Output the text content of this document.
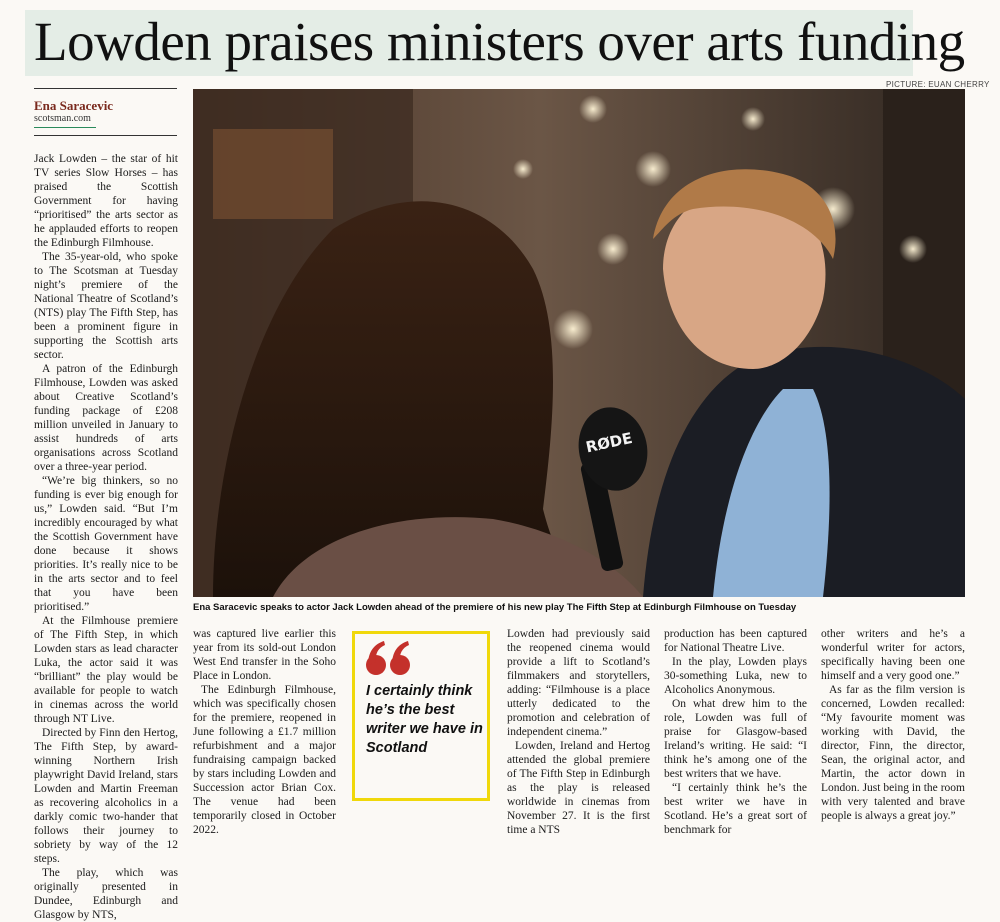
Lowden praises ministers over arts funding
PICTURE: EUAN CHERRY
Ena Saracevic
scotsman.com

Jack Lowden – the star of hit TV series Slow Horses – has praised the Scottish Government for having “prioritised” the arts sector as he applauded efforts to reopen the Edinburgh Filmhouse.

The 35-year-old, who spoke to The Scotsman at Tuesday night’s premiere of the National Theatre of Scotland’s (NTS) play The Fifth Step, has been a prominent figure in supporting the Scottish arts sector.

A patron of the Edinburgh Filmhouse, Lowden was asked about Creative Scotland’s funding package of £208 million unveiled in January to assist hundreds of arts organisations across Scotland over a three-year period.

“We’re big thinkers, so no funding is ever big enough for us,” Lowden said. “But I’m incredibly encouraged by what the Scottish Government have done because it shows priorities. It’s really nice to be in the arts sector and to feel that you have been prioritised.”

At the Filmhouse premiere of The Fifth Step, in which Lowden stars as lead character Luka, the actor said it was “brilliant” the play would be available for people to watch in cinemas across the world through NT Live.

Directed by Finn den Hertog, The Fifth Step, by award-winning Northern Irish playwright David Ireland, stars Lowden and Martin Freeman as recovering alcoholics in a darkly comic two-hander that follows their journey to sobriety by way of the 12 steps.

The play, which was originally presented in Dundee, Edinburgh and Glasgow by NTS,

RØDE
Ena Saracevic speaks to actor Jack Lowden ahead of the premiere of his new play The Fifth Step at Edinburgh Filmhouse on Tuesday

was captured live earlier this year from its sold-out London West End transfer in the Soho Place in London.

The Edinburgh Filmhouse, which was specifically chosen for the premiere, reopened in June following a £1.7 million refurbishment and a major fundraising campaign backed by stars including Lowden and Succession actor Brian Cox. The venue had been temporarily closed in October 2022.

I certainly think he’s the best writer we have in Scotland

Lowden had previously said the reopened cinema would provide a lift to Scotland’s filmmakers and storytellers, adding: “Filmhouse is a place utterly dedicated to the promotion and celebration of independent cinema.”

Lowden, Ireland and Hertog attended the global premiere of The Fifth Step in Edinburgh as the play is released worldwide in cinemas from November 27. It is the first time a NTS

production has been captured for National Theatre Live.

In the play, Lowden plays 30-something Luka, new to Alcoholics Anonymous.

On what drew him to the role, Lowden was full of praise for Glasgow-based Ireland’s writing. He said: “I think he’s among one of the best writers that we have.

“I certainly think he’s the best writer we have in Scotland. He’s a great sort of benchmark for

other writers and he’s a wonderful writer for actors, specifically having been one himself and a very good one.”

As far as the film version is concerned, Lowden recalled: “My favourite moment was working with David, the director, Finn, the director, Sean, the original actor, and Martin, the actor down in London. Just being in the room with very talented and brave people is always a great joy.”
